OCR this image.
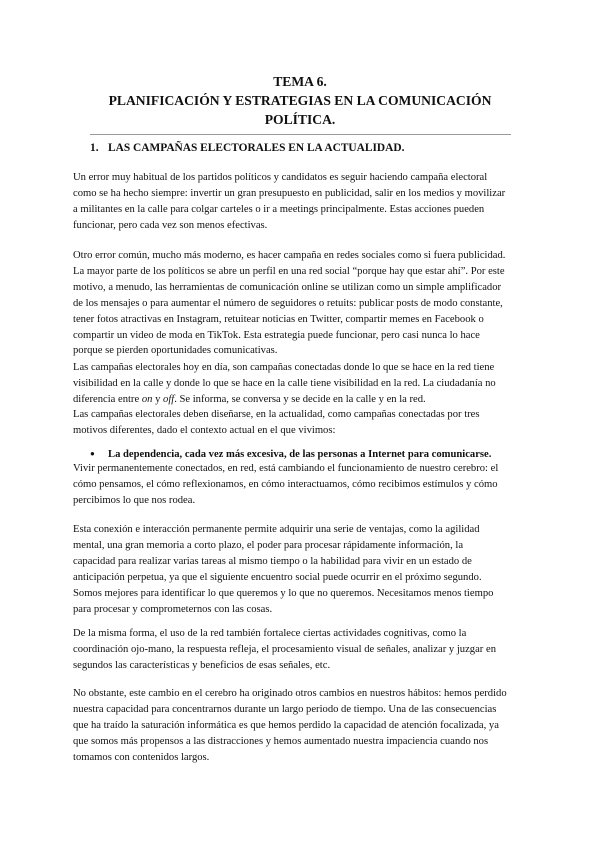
TEMA 6.
PLANIFICACIÓN Y ESTRATEGIAS EN LA COMUNICACIÓN
POLÍTICA.
1. LAS CAMPAÑAS ELECTORALES EN LA ACTUALIDAD.

Un error muy habitual de los partidos políticos y candidatos es seguir haciendo campaña electoral
como se ha hecho siempre: invertir un gran presupuesto en publicidad, salir en los medios y movilizar
a militantes en la calle para colgar carteles o ir a meetings principalmente. Estas acciones pueden
funcionar, pero cada vez son menos efectivas.

Otro error común, mucho más moderno, es hacer campaña en redes sociales como si fuera publicidad.
La mayor parte de los políticos se abre un perfil en una red social “porque hay que estar ahí”. Por este
motivo, a menudo, las herramientas de comunicación online se utilizan como un simple amplificador
de los mensajes o para aumentar el número de seguidores o retuits: publicar posts de modo constante,
tener fotos atractivas en Instagram, retuitear noticias en Twitter, compartir memes en Facebook o
compartir un video de moda en TikTok. Esta estrategia puede funcionar, pero casi nunca lo hace
porque se pierden oportunidades comunicativas.

Las campañas electorales hoy en día, son campañas conectadas donde lo que se hace en la red tiene
visibilidad en la calle y donde lo que se hace en la calle tiene visibilidad en la red. La ciudadanía no
diferencia entre on y off. Se informa, se conversa y se decide en la calle y en la red.

Las campañas electorales deben diseñarse, en la actualidad, como campañas conectadas por tres
motivos diferentes, dado el contexto actual en el que vivimos:

● La dependencia, cada vez más excesiva, de las personas a Internet para comunicarse.

Vivir permanentemente conectados, en red, está cambiando el funcionamiento de nuestro cerebro: el
cómo pensamos, el cómo reflexionamos, en cómo interactuamos, cómo recibimos estímulos y cómo
percibimos lo que nos rodea.

Esta conexión e interacción permanente permite adquirir una serie de ventajas, como la agilidad
mental, una gran memoria a corto plazo, el poder para procesar rápidamente información, la
capacidad para realizar varias tareas al mismo tiempo o la habilidad para vivir en un estado de
anticipación perpetua, ya que el siguiente encuentro social puede ocurrir en el próximo segundo.
Somos mejores para identificar lo que queremos y lo que no queremos. Necesitamos menos tiempo
para procesar y comprometernos con las cosas.

De la misma forma, el uso de la red también fortalece ciertas actividades cognitivas, como la
coordinación ojo-mano, la respuesta refleja, el procesamiento visual de señales, analizar y juzgar en
segundos las características y beneficios de esas señales, etc.

No obstante, este cambio en el cerebro ha originado otros cambios en nuestros hábitos: hemos perdido
nuestra capacidad para concentrarnos durante un largo periodo de tiempo. Una de las consecuencias
que ha traído la saturación informática es que hemos perdido la capacidad de atención focalizada, ya
que somos más propensos a las distracciones y hemos aumentado nuestra impaciencia cuando nos
tomamos con contenidos largos.
